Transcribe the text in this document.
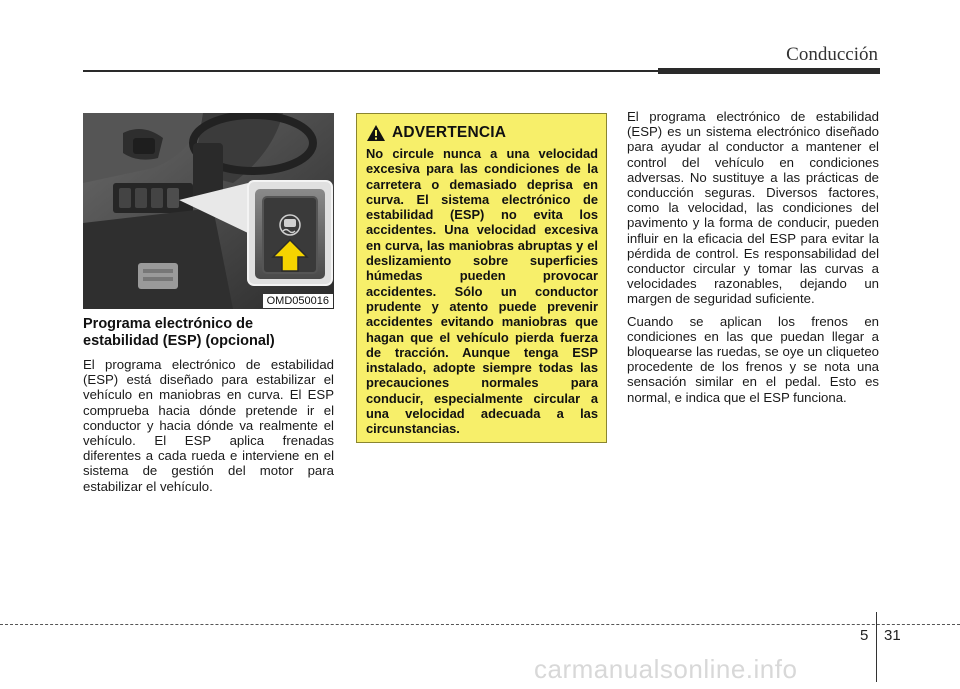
Conducción
OMD050016
Programa electrónico de
estabilidad (ESP) (opcional)

El programa electrónico de estabilidad (ESP) está diseñado para estabilizar el vehículo en maniobras en curva. El ESP comprueba hacia dónde pretende ir el conductor y hacia dónde va realmente el vehículo. El ESP aplica frenadas diferentes a cada rueda e interviene en el sistema de gestión del motor para estabilizar el vehículo.

ADVERTENCIA

No circule nunca a una velocidad excesiva para las condiciones de la carretera o demasiado deprisa en curva. El sistema electrónico de estabilidad (ESP) no evita los accidentes. Una velocidad excesiva en curva, las maniobras abruptas y el deslizamiento sobre superficies húmedas pueden provocar accidentes. Sólo un conductor prudente y atento puede prevenir accidentes evitando maniobras que hagan que el vehículo pierda fuerza de tracción. Aunque tenga ESP instalado, adopte siempre todas las precauciones normales para conducir, especialmente circular a una velocidad adecuada a las circunstancias.

El programa electrónico de estabilidad (ESP) es un sistema electrónico diseñado para ayudar al conductor a mantener el control del vehículo en condiciones adversas. No sustituye a las prácticas de conducción seguras. Diversos factores, como la velocidad, las condiciones del pavimento y la forma de conducir, pueden influir en la eficacia del ESP para evitar la pérdida de control. Es responsabilidad del conductor circular y tomar las curvas a velocidades razonables, dejando un margen de seguridad suficiente.

Cuando se aplican los frenos en condiciones en las que puedan llegar a bloquearse las ruedas, se oye un cliqueteo procedente de los frenos y se nota una sensación similar en el pedal. Esto es normal, e indica que el ESP funciona.

5 31
carmanualsonline.info
